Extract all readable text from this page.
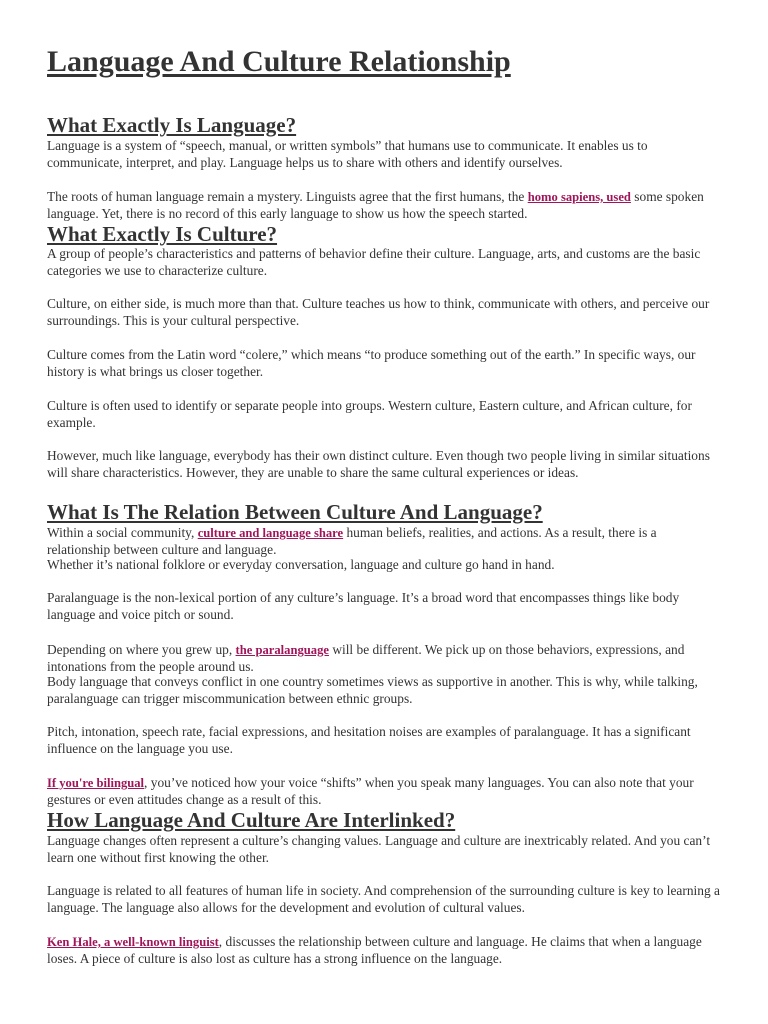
Language And Culture Relationship
What Exactly Is Language?

Language is a system of “speech, manual, or written symbols” that humans use to communicate. It enables us to communicate, interpret, and play. Language helps us to share with others and identify ourselves.

The roots of human language remain a mystery. Linguists agree that the first humans, the homo sapiens, used some spoken language. Yet, there is no record of this early language to show us how the speech started.

What Exactly Is Culture?

A group of people’s characteristics and patterns of behavior define their culture. Language, arts, and customs are the basic categories we use to characterize culture.

Culture, on either side, is much more than that. Culture teaches us how to think, communicate with others, and perceive our surroundings. This is your cultural perspective.

Culture comes from the Latin word “colere,” which means “to produce something out of the earth.” In specific ways, our history is what brings us closer together.

Culture is often used to identify or separate people into groups. Western culture, Eastern culture, and African culture, for example.

However, much like language, everybody has their own distinct culture. Even though two people living in similar situations will share characteristics. However, they are unable to share the same cultural experiences or ideas.

What Is The Relation Between Culture And Language?

Within a social community, culture and language share human beliefs, realities, and actions. As a result, there is a relationship between culture and language.

Whether it’s national folklore or everyday conversation, language and culture go hand in hand.

Paralanguage is the non-lexical portion of any culture’s language. It’s a broad word that encompasses things like body language and voice pitch or sound.

Depending on where you grew up, the paralanguage will be different. We pick up on those behaviors, expressions, and intonations from the people around us.

Body language that conveys conflict in one country sometimes views as supportive in another. This is why, while talking, paralanguage can trigger miscommunication between ethnic groups.

Pitch, intonation, speech rate, facial expressions, and hesitation noises are examples of paralanguage. It has a significant influence on the language you use.

If you're bilingual, you’ve noticed how your voice “shifts” when you speak many languages. You can also note that your gestures or even attitudes change as a result of this.

How Language And Culture Are Interlinked?

Language changes often represent a culture’s changing values. Language and culture are inextricably related. And you can’t learn one without first knowing the other.

Language is related to all features of human life in society. And comprehension of the surrounding culture is key to learning a language. The language also allows for the development and evolution of cultural values.

Ken Hale, a well-known linguist, discusses the relationship between culture and language. He claims that when a language loses. A piece of culture is also lost as culture has a strong influence on the language.
